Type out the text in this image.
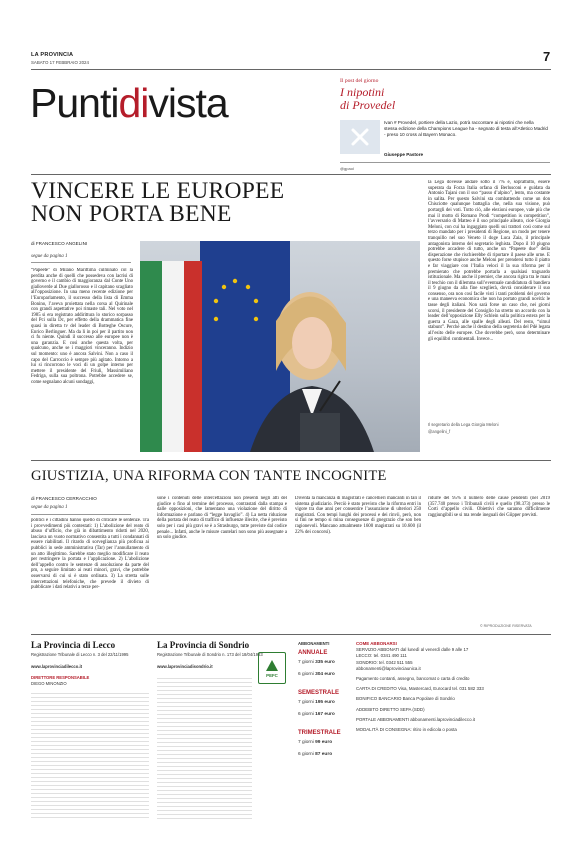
LA PROVINCIA
SABATO 17 FEBBRAIO 2024	7
Puntidivista	Il post del giorno
I nipotini
di Provedel
Ivan # Provedel, portiere della Lazio, potrà raccontare ai nipotini che nella stessa edizione della Champions League ha - segnato di testa all’Atletico Madrid - preso 10 cross al Bayern Monaco.
Giuseppe Pastore
@gpaol
VINCERE LE EUROPEE
NON PORTA BENE
di FRANCESCO ANGELINI
segue da pagina 1
“Papeete” di Milano Marittima culminato col la perdita anche di quelli che possedeva con lacrisi di governo e il cambio di maggioranza dal Conte Uno gialloverde al Due giallorosso e il capitano scagliato all’opposizione. In una meno recente edizione per l’Europarlamento, il successo della lista di Emma Bonino, l’aveva proiettata nella corsa al Quirinale con grandi aspettative poi rimaste tali. Nel voto nel 1985 si era registrato addirittura lo storico sorpasso del Pci sulla Dc, per effetto della drammatica fine quasi in diretta tv del leader di Botteghe Oscure, Enrico Berlinguer. Ma da lì in poi per il partito non ci fu niente. Quindi il successo alle europee non è una garanzia. E così anche questa volta, per qualcuno, anche se i maggiori vinceranno. Indizio sul momento: uno è ancora Salvini. Non a caso il capo del Carroccio è sempre più agitato. Intorno a lui si rincorrono le voci di un golpe interno per mettere il presidente del Friuli, Massimiliano Fedriga, sulla sua poltrona. Potrebbe accedere se, come segnalano alcuni sondaggi,
Il segretario della Lega Giorgia Meloni
@angelini_f
la Lega dovesse andare sotto il 7% e, soprattutto, essere superata da Forza Italia orfana di Berlusconi e guidata da Antonio Tajani con il suo “passo d’alpino”, lento, ma costante in salita. Per questo Salvini sta combattendo come un don Chisciotte qualunque battaglia che, nella sua visione, può portargli dei voti. Tutto ciò, alle elezioni europee, vale più che mai il motto di Romano Prodi “competition is competition”, l’avversario di Matteo è il suo principale alleato, cioè Giorgia Meloni, con cui ha ingaggiato quelli sui trattori così come sul terzo mandato per i presidenti di Regione, un modo per tenere tranquillo nel suo Veneto il doge Luca Zaia, il principale antagonista interno del segretario leghista. Dopo il 10 giugno potrebbe accadere di tutto, anche un “Papeete due” della disperazione che rischierebbe di riportare il paese alle urne. E questo forse stupisce anche Meloni per prendersi tutto il piatto e far viaggiare con l’Italia veloci il la sua riforma per il premierato che potrebbe portarla a qualsiasi traguardo istituzionale. Ma anche il premier, che ancora rigira tra le mani il teschio con il dilemma sull’eventuale candidatura di bandiera il 9 giugno da alla fine sceglierà, dovrà considerare il suo consenso, ora non così facile visti i tanti problemi del governo e una maneeva economica che non ha portato grandi novità: le tasse degli italiani. Non sarà forse un caso che, nei giorni scorsi, il presidente del Consiglio ha stretto un accordo con la leader dell’opposizione Elly Schlein sulla politica estera per la guerra a Gaza, alle spalle degli alleati. Del resto, “simul stabunt”. Perché anche il destino della segreteria del Pdè legata all’esito delle europee. Che dovrebbe però, sono determinare gli equilibri continentali. Invece...
GIUSTIZIA, UNA RIFORMA CON TANTE INCOGNITE
di FRANCESCO CERRACCHIO
segue da pagina 1
politici e i cittadini hanno quello di criticare le sentenze. Tra i provvedimenti più contestati: 1) L’abolizione del reato di abuso d’ufficio, che già in dibattimento ridotti nel 2020, lasciava un vuoto normativo consentita a tutti i condannati di essere riabilitati. Il ritardo di sorveglianza più proficua ai pubblici in sede amministrativa (Tar) per l’annullamento di un atto illegittimo. Sarebbe stato meglio modificare il reato per restringere la portata e l’applicazione. 2) L’abolizione dell’appello contro le sentenze di assoluzione da parte del pm, a seguire limitato ai reati minori, gravi, che potrebbe osservarsi di cui si è stato ordinata. 3) La stretta sulle intercettazioni telefoniche, che prevede il divieto di pubblicare i dati relativi a terze per-
sone i contenuti delle intercettazioni non presenti negli atti del giudice o fino al termine del processo, contrastati dalla stampa e dalle opposizioni, che lamentano una violazione del diritto di informazione e parlano di “legge bavaglio”. 4) La netta riduzione della portata del reato di traffico di influenze illecite, che è previsto solo per i casi più gravi se è a Strasburgo, tutte previste dal codice penale... Infatti, anche le misure cautelari non sono più assegnate a un solo giudice.
Diventa la mancanza di magistrati e cancellieri mancanti in tali il sistema giudiziario. Perciò è stato previsto che la riforma entri in vigore tra due anni per consentire l’assunzione di ulteriori 250 magistrati. Con tempi lunghi dei processi e dei rinvii, però, non si fini ne tempo si mina conseguenze di gnegrazio che son ben ragionevoli. Mancano attualmente 1600 magistrati su 10.600 (il 22% dei concorsi).
ridurre del 95% il numero delle cause pendenti (nel 2019 (357.740 presso i Tribunali civili e quello (98.373) presso le Corti d’appello civili. Obiettivi che saranno difficilmente raggiungibili se si ma rende ineguali dei Giipper previsti.
© RIPRODUZIONE RISERVATA
La Provincia di Lecco
Registrazione Tribunale di Lecco n. 3 del 22/11/1995
www.laprovinciadilecco.it
DIRETTORE RESPONSABILE
DIEGO MINONZIO
La Provincia di Sondrio
Registrazione Tribunale di Sondrio n. 173 del 18/04/1983
www.laprovinciadisondrio.it
PEFC
ABBONAMENTI
ANNUALE
7 giorni 335 euro
6 giorni 304 euro
SEMESTRALE
7 giorni 195 euro
6 giorni 167 euro
TRIMESTRALE
7 giorni 99 euro
6 giorni 87 euro
COME ABBONARSI
SERVIZIO ABBONATI dal lunedì al venerdì dalle 9 alle 17
LECCO: tel. 0341 490 111
SONDRIO: tel. 0342 511 555
abbonamenti@laprovinciaunica.it
Pagamento contanti, assegno, bancomat o carta di credito
CARTA DI CREDITO Visa, Mastercard, Eurocard tel. 031 582 333
BONIFICO BANCARIO Banca Popolare di Sondrio
ADDEBITO DIRETTO SEPA (SDD)
PORTALE ABBONAMENTI abbonamenti.laprovinciadilecco.it
MODALITÀ DI CONSEGNA: ritiro in edicola o posta
